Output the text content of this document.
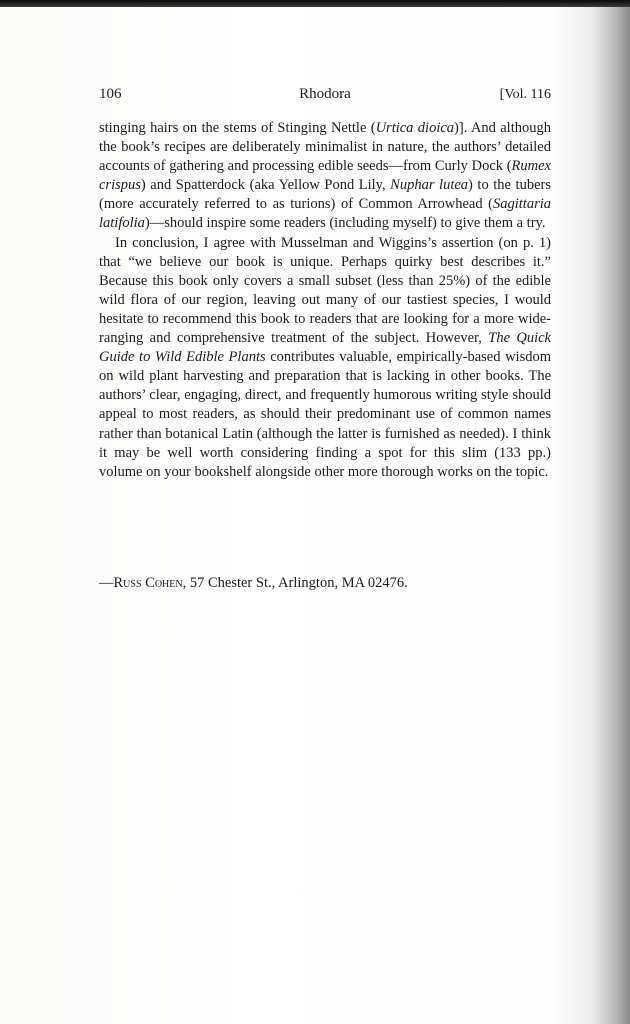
106	Rhodora	[Vol. 116

stinging hairs on the stems of Stinging Nettle (Urtica dioica)]. And although the book’s recipes are deliberately minimalist in nature, the authors’ detailed accounts of gathering and processing edible seeds—from Curly Dock (Rumex crispus) and Spatterdock (aka Yellow Pond Lily, Nuphar lutea) to the tubers (more accurately referred to as turions) of Common Arrowhead (Sagittaria latifolia)—should inspire some readers (including myself) to give them a try.

In conclusion, I agree with Musselman and Wiggins’s assertion (on p. 1) that “we believe our book is unique. Perhaps quirky best describes it.” Because this book only covers a small subset (less than 25%) of the edible wild flora of our region, leaving out many of our tastiest species, I would hesitate to recommend this book to readers that are looking for a more wide-ranging and comprehensive treatment of the subject. However, The Quick Guide to Wild Edible Plants contributes valuable, empirically-based wisdom on wild plant harvesting and preparation that is lacking in other books. The authors’ clear, engaging, direct, and frequently humorous writing style should appeal to most readers, as should their predominant use of common names rather than botanical Latin (although the latter is furnished as needed). I think it may be well worth considering finding a spot for this slim (133 pp.) volume on your bookshelf alongside other more thorough works on the topic.

—Russ Cohen, 57 Chester St., Arlington, MA 02476.
